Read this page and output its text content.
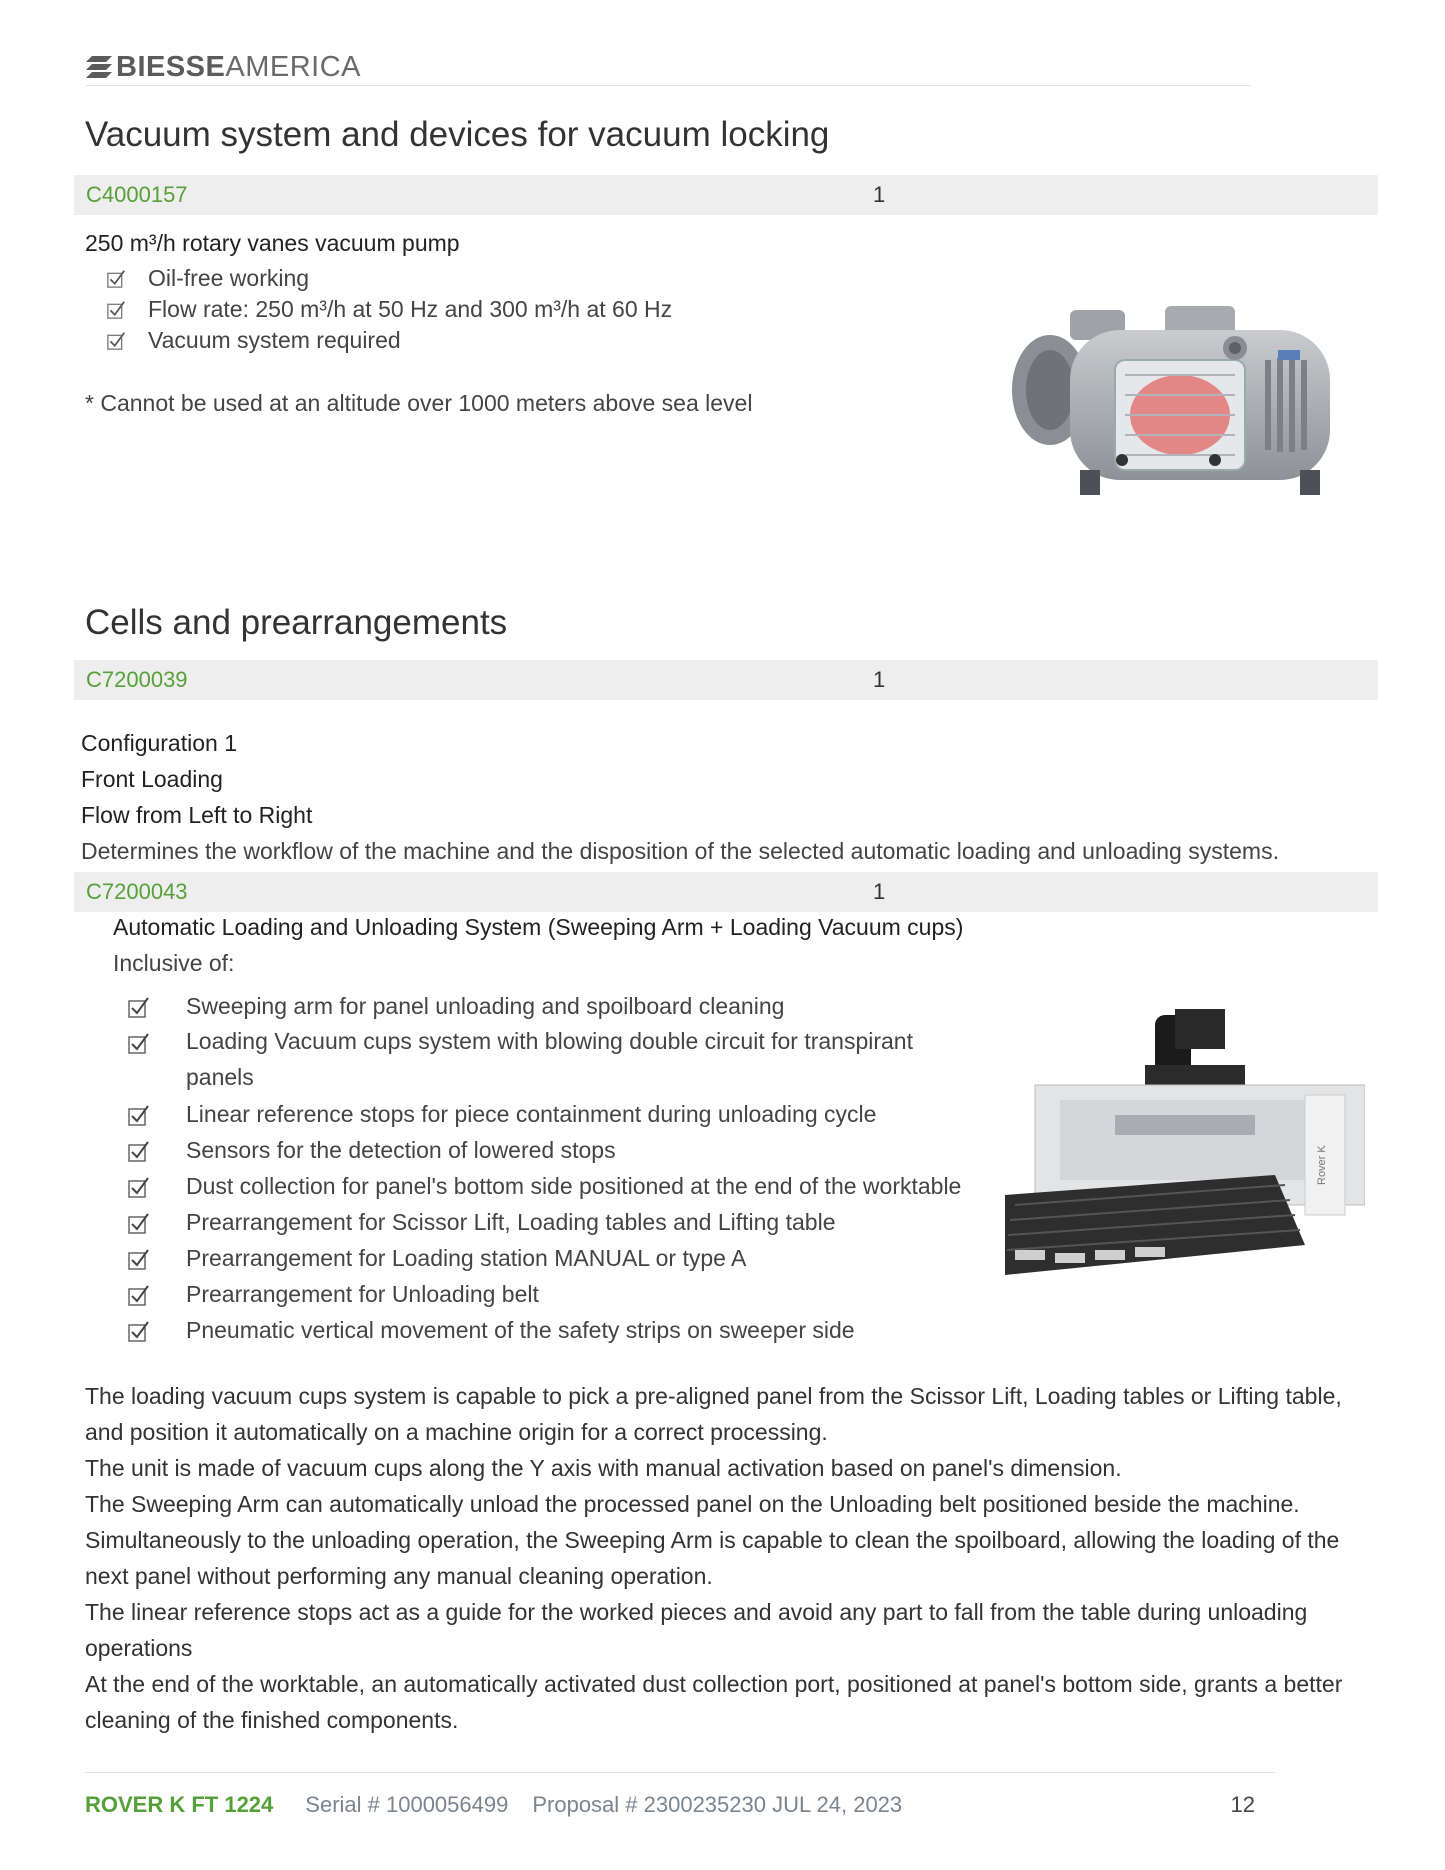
BIESSE AMERICA
Vacuum system and devices for vacuum locking
C4000157	1
250 m³/h rotary vanes vacuum pump
Oil-free working
Flow rate: 250 m³/h at 50 Hz and 300 m³/h at 60 Hz
Vacuum system required
* Cannot be used at an altitude over 1000 meters above sea level
Cells and prearrangements
C7200039	1
Configuration 1
Front Loading
Flow from Left to Right
Determines the workflow of the machine and the disposition of the selected automatic loading and unloading systems.
C7200043	1
Automatic Loading and Unloading System (Sweeping Arm + Loading Vacuum cups)
Inclusive of:
Sweeping arm for panel unloading and spoilboard cleaning
Loading Vacuum cups system with blowing double circuit for transpirant panels
Linear reference stops for piece containment during unloading cycle
Sensors for the detection of lowered stops
Dust collection for panel's bottom side positioned at the end of the worktable
Prearrangement for Scissor Lift, Loading tables and Lifting table
Prearrangement for Loading station MANUAL or type A
Prearrangement for Unloading belt
Pneumatic vertical movement of the safety strips on sweeper side
Rover K
The loading vacuum cups system is capable to pick a pre-aligned panel from the Scissor Lift, Loading tables or Lifting table, and position it automatically on a machine origin for a correct processing.
The unit is made of vacuum cups along the Y axis with manual activation based on panel's dimension.
The Sweeping Arm can automatically unload the processed panel on the Unloading belt positioned beside the machine. Simultaneously to the unloading operation, the Sweeping Arm is capable to clean the spoilboard, allowing the loading of the next panel without performing any manual cleaning operation.
The linear reference stops act as a guide for the worked pieces and avoid any part to fall from the table during unloading operations
At the end of the worktable, an automatically activated dust collection port, positioned at panel's bottom side, grants a better cleaning of the finished components.
ROVER K FT 1224 Serial # 1000056499 Proposal # 2300235230 JUL 24, 2023	12
